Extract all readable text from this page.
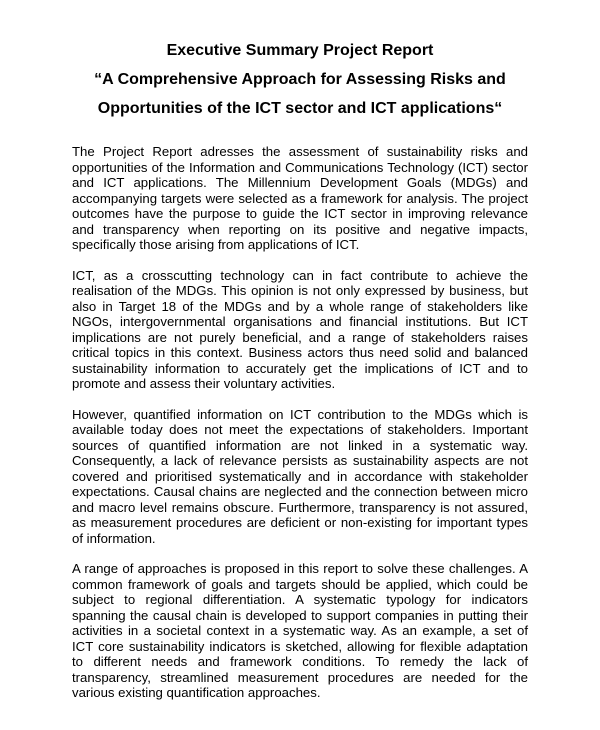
Executive Summary Project Report
“A Comprehensive Approach for Assessing Risks and
Opportunities of the ICT sector and ICT applications“

The Project Report adresses the assessment of sustainability risks and opportunities of the Information and Communications Technology (ICT) sector and ICT applications. The Millennium Development Goals (MDGs) and accompanying targets were selected as a framework for analysis. The project outcomes have the purpose to guide the ICT sector in improving relevance and transparency when reporting on its positive and negative impacts, specifically those arising from applications of ICT.

ICT, as a crosscutting technology can in fact contribute to achieve the realisation of the MDGs. This opinion is not only expressed by business, but also in Target 18 of the MDGs and by a whole range of stakeholders like NGOs, intergovernmental organisations and financial institutions. But ICT implications are not purely beneficial, and a range of stakeholders raises critical topics in this context. Business actors thus need solid and balanced sustainability information to accurately get the implications of ICT and to promote and assess their voluntary activities.

However, quantified information on ICT contribution to the MDGs which is available today does not meet the expectations of stakeholders. Important sources of quantified information are not linked in a systematic way. Consequently, a lack of relevance persists as sustainability aspects are not covered and prioritised systematically and in accordance with stakeholder expectations. Causal chains are neglected and the connection between micro and macro level remains obscure. Furthermore, transparency is not assured, as measurement procedures are deficient or non-existing for important types of information.

A range of approaches is proposed in this report to solve these challenges. A common framework of goals and targets should be applied, which could be subject to regional differentiation. A systematic typology for indicators spanning the causal chain is developed to support companies in putting their activities in a societal context in a systematic way. As an example, a set of ICT core sustainability indicators is sketched, allowing for flexible adaptation to different needs and framework conditions. To remedy the lack of transparency, streamlined measurement procedures are needed for the various existing quantification approaches.
